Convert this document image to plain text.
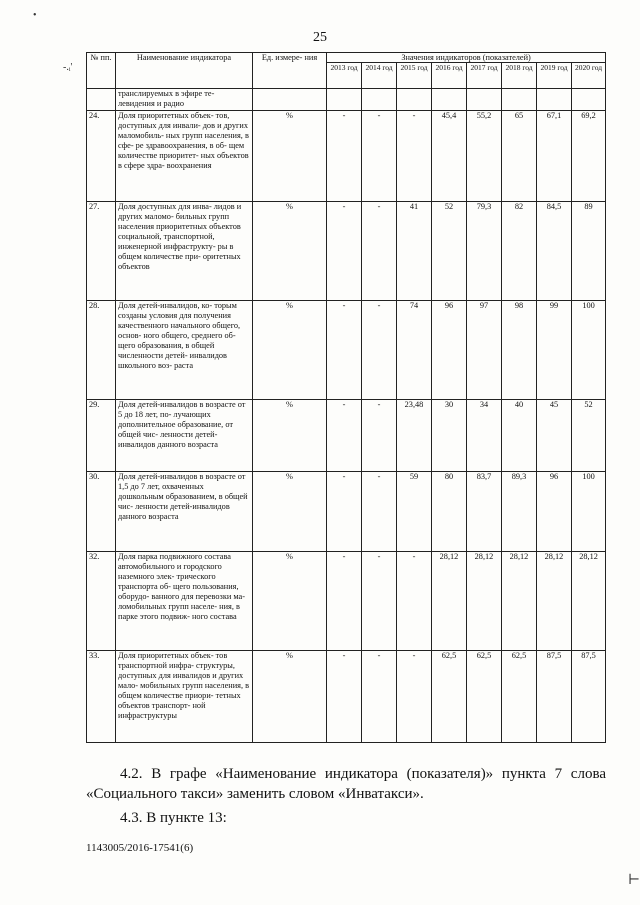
•
-.ᵢ'
⊢
25
№ пп.	Наименование индикатора	Ед. измере- ния	Значения индикаторов (показателей)							
			2013 год	2014 год	2015 год	2016 год	2017 год	2018 год	2019 год	2020 год
	транслируемых в эфире те- левидения и радио									
24.	Доля приоритетных объек- тов, доступных для инвали- дов и других маломобиль- ных групп населения, в сфе- ре здравоохранения, в об- щем количестве приоритет- ных объектов в сфере здра- воохранения	%	-	-	-	45,4	55,2	65	67,1	69,2
27.	Доля доступных для инва- лидов и других маломо- бильных групп населения приоритетных объектов социальной, транспортной, инженерной инфраструкту- ры в общем количестве при- оритетных объектов	%	-	-	41	52	79,3	82	84,5	89
28.	Доля детей-инвалидов, ко- торым созданы условия для получения качественного начального общего, основ- ного общего, среднего об- щего образования, в общей численности детей- инвалидов школьного воз- раста	%	-	-	74	96	97	98	99	100
29.	Доля детей-инвалидов в возрасте от 5 до 18 лет, по- лучающих дополнительное образование, от общей чис- ленности детей-инвалидов данного возраста	%	-	-	23,48	30	34	40	45	52
30.	Доля детей-инвалидов в возрасте от 1,5 до 7 лет, охваченных дошкольным образованием, в общей чис- ленности детей-инвалидов данного возраста	%	-	-	59	80	83,7	89,3	96	100
32.	Доля парка подвижного состава автомобильного и городского наземного элек- трического транспорта об- щего пользования, оборудо- ванного для перевозки ма- ломобильных групп населе- ния, в парке этого подвиж- ного состава	%	-	-	-	28,12	28,12	28,12	28,12	28,12
33.	Доля приоритетных объек- тов транспортной инфра- структуры, доступных для инвалидов и других мало- мобильных групп населения, в общем количестве приори- тетных объектов транспорт- ной инфраструктуры	%	-	-	-	62,5	62,5	62,5	87,5	87,5
4.2. В графе «Наименование индикатора (показателя)» пункта 7 слова «Социального такси» заменить словом «Инватакси».
4.3. В пункте 13:
1143005/2016-17541(6)
